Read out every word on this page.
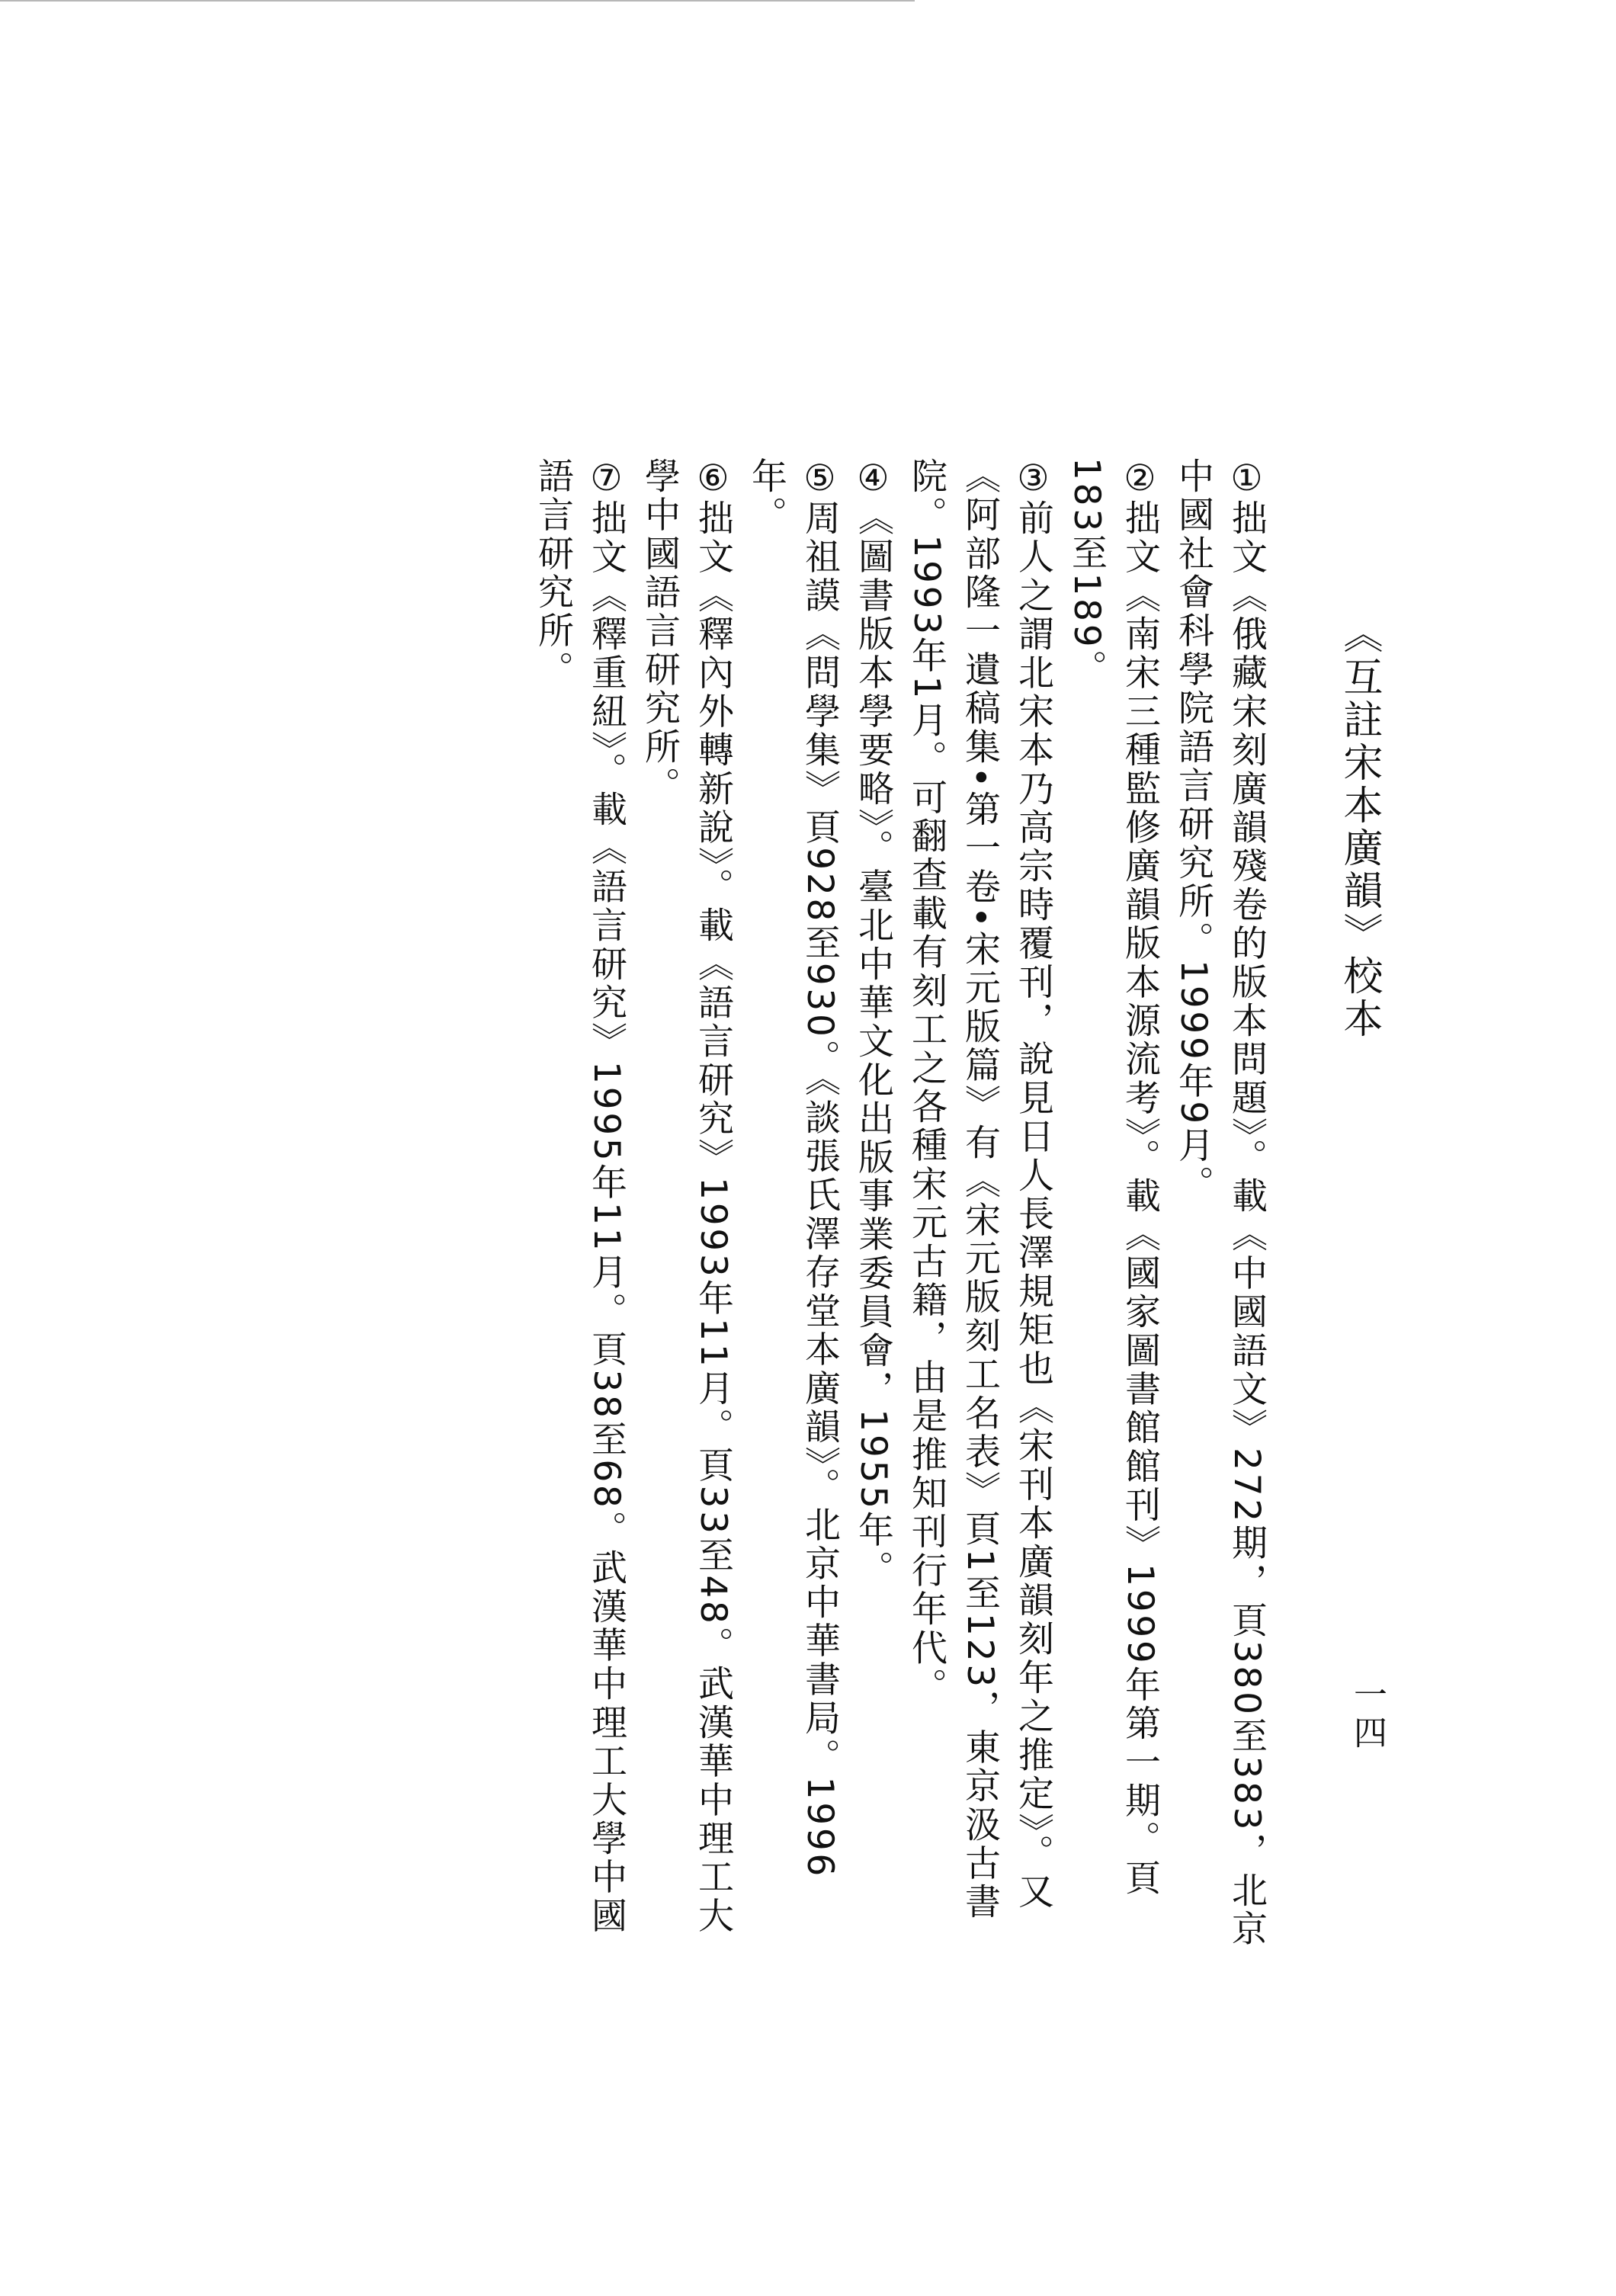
《互註宋本廣韻》校本
一四

①拙文《俄藏宋刻廣韻殘卷的版本問題》。載《中國語文》272期，頁380至383，北京中國社會科學院語言研究所。1999年9月。

②拙文《南宋三種監修廣韻版本源流考》。載《國家圖書館館刊》1999年第一期。頁183至189。

③前人之謂北宋本乃高宗時覆刊，說見日人長澤規矩也《宋刊本廣韻刻年之推定》。又《阿部隆一遺稿集•第一卷•宋元版篇》有《宋元版刻工名表》頁1至123，東京汲古書院。1993年1月。可翻查載有刻工之各種宋元古籍，由是推知刊行年代。

④《圖書版本學要略》。臺北中華文化出版事業委員會，1955年。

⑤周祖謨《問學集》頁928至930。《談張氏澤存堂本廣韻》。北京中華書局。1996年。

⑥拙文《釋內外轉新說》。載《語言研究》1993年11月。頁33至48。武漢華中理工大學中國語言研究所。

⑦拙文《釋重紐》。載《語言研究》1995年11月。頁38至68。武漢華中理工大學中國語言研究所。
